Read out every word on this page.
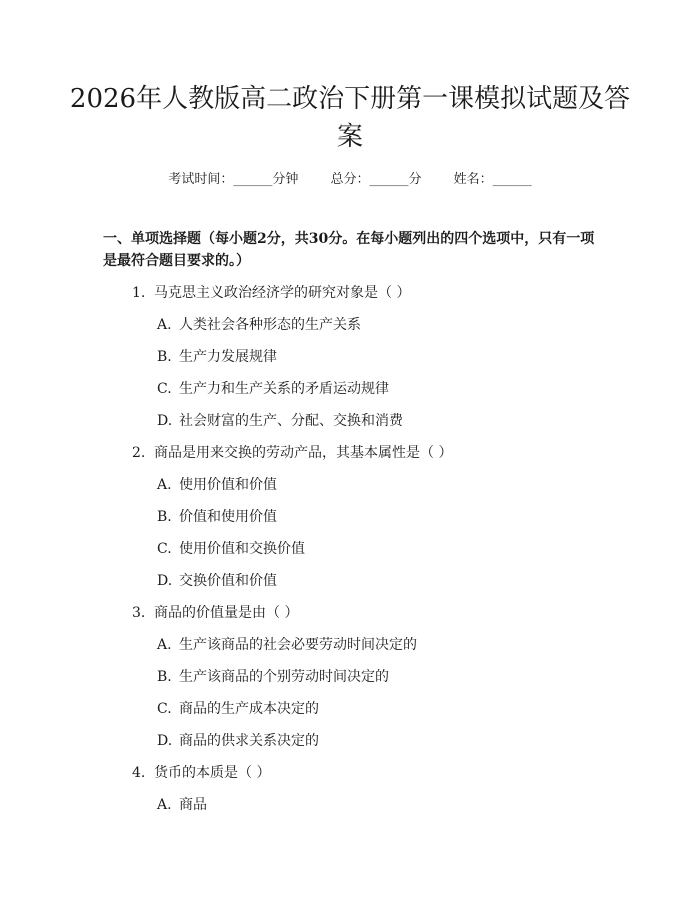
2026年人教版高二政治下册第一课模拟试题及答案
考试时间：______分钟 总分：______分 姓名：______
一、单项选择题（每小题2分，共30分。在每小题列出的四个选项中，只有一项是最符合题目要求的。）
1. 马克思主义政治经济学的研究对象是（ ）
A. 人类社会各种形态的生产关系
B. 生产力发展规律
C. 生产力和生产关系的矛盾运动规律
D. 社会财富的生产、分配、交换和消费
2. 商品是用来交换的劳动产品，其基本属性是（ ）
A. 使用价值和价值
B. 价值和使用价值
C. 使用价值和交换价值
D. 交换价值和价值
3. 商品的价值量是由（ ）
A. 生产该商品的社会必要劳动时间决定的
B. 生产该商品的个别劳动时间决定的
C. 商品的生产成本决定的
D. 商品的供求关系决定的
4. 货币的本质是（ ）
A. 商品
